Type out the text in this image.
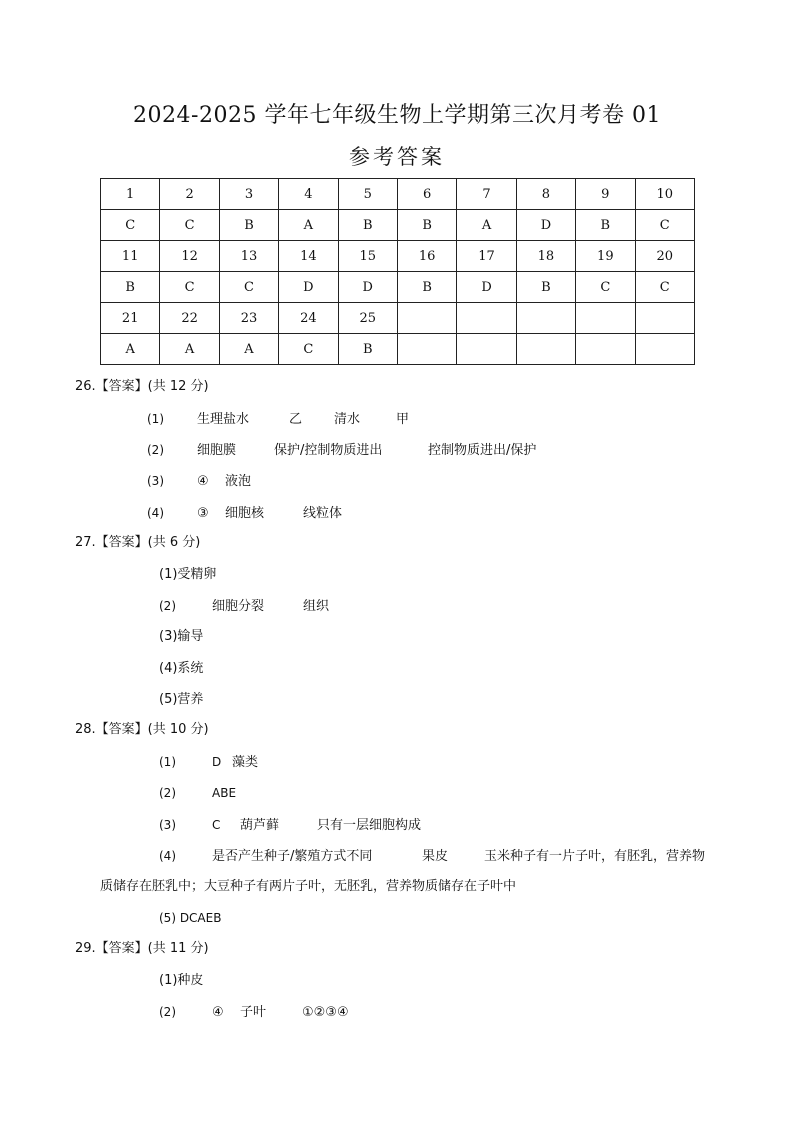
2024-2025 学年七年级生物上学期第三次月考卷 01
参考答案
1	2	3	4	5	6	7	8	9	10
C	C	B	A	B	B	A	D	B	C
11	12	13	14	15	16	17	18	19	20
B	C	C	D	D	B	D	B	C	C
21	22	23	24	25					
A	A	A	C	B					
26.【答案】(共 12 分)
(1)	生理盐水	乙 清水	甲
(2)	细胞膜	保护/控制物质进出	控制物质进出/保护
(3)	④ 液泡
(4)	③ 细胞核	线粒体
27.【答案】(共 6 分)
(1)受精卵
(2)	细胞分裂	组织
(3)输导
(4)系统
(5)营养
28.【答案】(共 10 分)
(1)	D 藻类
(2)	ABE
(3)	C 葫芦藓	只有一层细胞构成
(4)	是否产生种子/繁殖方式不同	果皮	玉米种子有一片子叶，有胚乳，营养物
质储存在胚乳中；大豆种子有两片子叶，无胚乳，营养物质储存在子叶中
(5) DCAEB
29.【答案】(共 11 分)
(1)种皮
(2)	④ 子叶	①②③④
